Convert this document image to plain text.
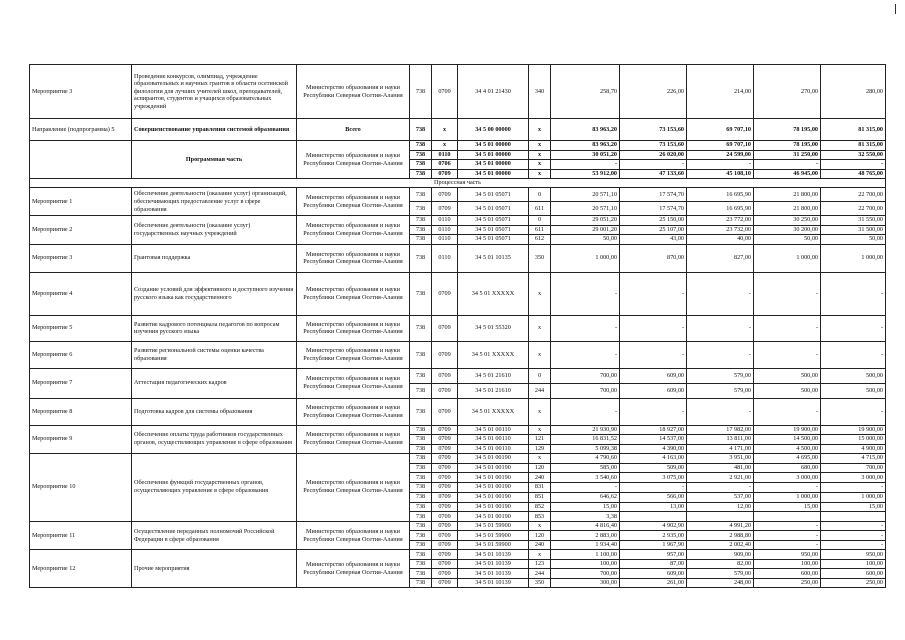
Мероприятие 3	Проведение конкурсов, олимпиад, учреждение образовательных и научных грантов в области осетинской филологии для лучших учителей школ, преподавателей, аспирантов, студентов и учащихся образовательных учреждений	Министерство образования и науки Республики Северная Осетия-Алания	738	0709	34 4 01 21430	340	258,70	226,00	214,00	270,00	280,00
Направление (подпрограмма) 5	Совершенствование управления системой образования	Всего	738	x	34 5 00 00000	x	83 963,20	73 153,60	69 707,10	78 195,00	81 315,00
	Программная часть	Министерство образования и науки Республики Северная Осетия-Алания	738	x	34 5 01 00000	x	83 963,20	73 153,60	69 707,10	78 195,00	81 315,00
			738	0110	34 5 01 00000	x	30 051,20	26 020,00	24 599,00	31 250,00	32 550,00
			738	0706	34 5 01 00000	x	-	-	-	-	-
			738	0709	34 5 01 00000	x	53 912,00	47 133,60	45 108,10	46 945,00	48 765,00
Процессная часть											
Мероприятие 1	Обеспечение деятельности (оказание услуг) организаций, обеспечивающих предоставление услуг в сфере образования	Министерство образования и науки Республики Северная Осетия-Алания	738	0709	34 5 01 05071	0	20 571,10	17 574,70	16 695,90	21 800,00	22 700,00
			738	0709	34 5 01 05071	611	20 571,10	17 574,70	16 695,90	21 800,00	22 700,00
Мероприятие 2	Обеспечение деятельности (оказание услуг) государственных научных учреждений	Министерство образования и науки Республики Северная Осетия-Алания	738	0110	34 5 01 05071	0	29 051,20	25 150,00	23 772,00	30 250,00	31 550,00
			738	0110	34 5 01 05071	611	29 001,20	25 107,00	23 732,00	30 200,00	31 500,00
			738	0110	34 5 01 05071	612	50,00	43,00	40,00	50,00	50,00
Мероприятие 3	Грантовая поддержка	Министерство образования и науки Республики Северная Осетия-Алания	738	0110	34 5 01 10135	350	1 000,00	870,00	827,00	1 000,00	1 000,00
Мероприятие 4	Создание условий для эффективного и доступного изучения русского языка как государственного	Министерство образования и науки Республики Северная Осетия-Алания	738	0709	34 5 01 XXXXX	x	-	-	-	-	-
Мероприятие 5	Развитие кадрового потенциала педагогов по вопросам изучения русского языка	Министерство образования и науки Республики Северная Осетия-Алания	738	0709	34 5 01 55320	x	-	-	-	-	-
Мероприятие 6	Развитие региональной системы оценки качества образования	Министерство образования и науки Республики Северная Осетия-Алания	738	0709	34 5 01 XXXXX	x	-	-	-	-	-
Мероприятие 7	Аттестация педагогических кадров	Министерство образования и науки Республики Северная Осетия-Алания	738	0709	34 5 01 21610	0	700,00	609,00	579,00	500,00	500,00
			738	0709	34 5 01 21610	244	700,00	609,00	579,00	500,00	500,00
Мероприятие 8	Подготовка кадров для системы образования	Министерство образования и науки Республики Северная Осетия-Алания	738	0709	34 5 01 XXXXX	x	-	-	-	-	-
Мероприятие 9	Обеспечение оплаты труда работников государственных органов, осуществляющих управление в сфере образования	Министерство образования и науки Республики Северная Осетия-Алания	738	0709	34 5 01 00110	x	21 930,90	18 927,00	17 982,00	19 900,00	19 900,00
			738	0709	34 5 01 00110	121	16 831,52	14 537,00	13 811,00	14 500,00	15 000,00
			738	0709	34 5 01 00110	129	5 099,38	4 390,00	4 171,00	4 500,00	4 900,00
Мероприятие 10	Обеспечение функций государственных органов, осуществляющих управление в сфере образования	Министерство образования и науки Республики Северная Осетия-Алания	738	0709	34 5 01 00190	x	4 790,60	4 163,00	3 951,00	4 695,00	4 715,00
			738	0709	34 5 01 00190	120	585,00	509,00	481,00	680,00	700,00
			738	0709	34 5 01 00190	240	3 540,60	3 075,00	2 921,00	3 000,00	3 000,00
			738	0709	34 5 01 00190	831	-	-	-	-	-
			738	0709	34 5 01 00190	851	646,62	566,00	537,00	1 000,00	1 000,00
			738	0709	34 5 01 00190	852	15,00	13,00	12,00	15,00	15,00
			738	0709	34 5 01 00190	853	3,38				
Мероприятие 11	Осуществление переданных полномочий Российской Федерации в сфере образования	Министерство образования и науки Республики Северная Осетия-Алания	738	0709	34 5 01 59900	x	4 816,40	4 902,90	4 991,20	-	-
			738	0709	34 5 01 59900	120	2 883,00	2 935,00	2 988,80	-	-
			738	0709	34 5 01 59900	240	1 934,40	1 967,90	2 002,40	-	-
Мероприятие 12	Прочие мероприятия	Министерство образования и науки Республики Северная Осетия-Алания	738	0709	34 5 01 10139	x	1 100,00	957,00	909,00	950,00	950,00
			738	0709	34 5 01 10139	123	100,00	87,00	82,00	100,00	100,00
			738	0709	34 5 01 10139	244	700,00	609,00	579,00	600,00	600,00
			738	0709	34 5 01 10139	350	300,00	261,00	248,00	250,00	250,00
